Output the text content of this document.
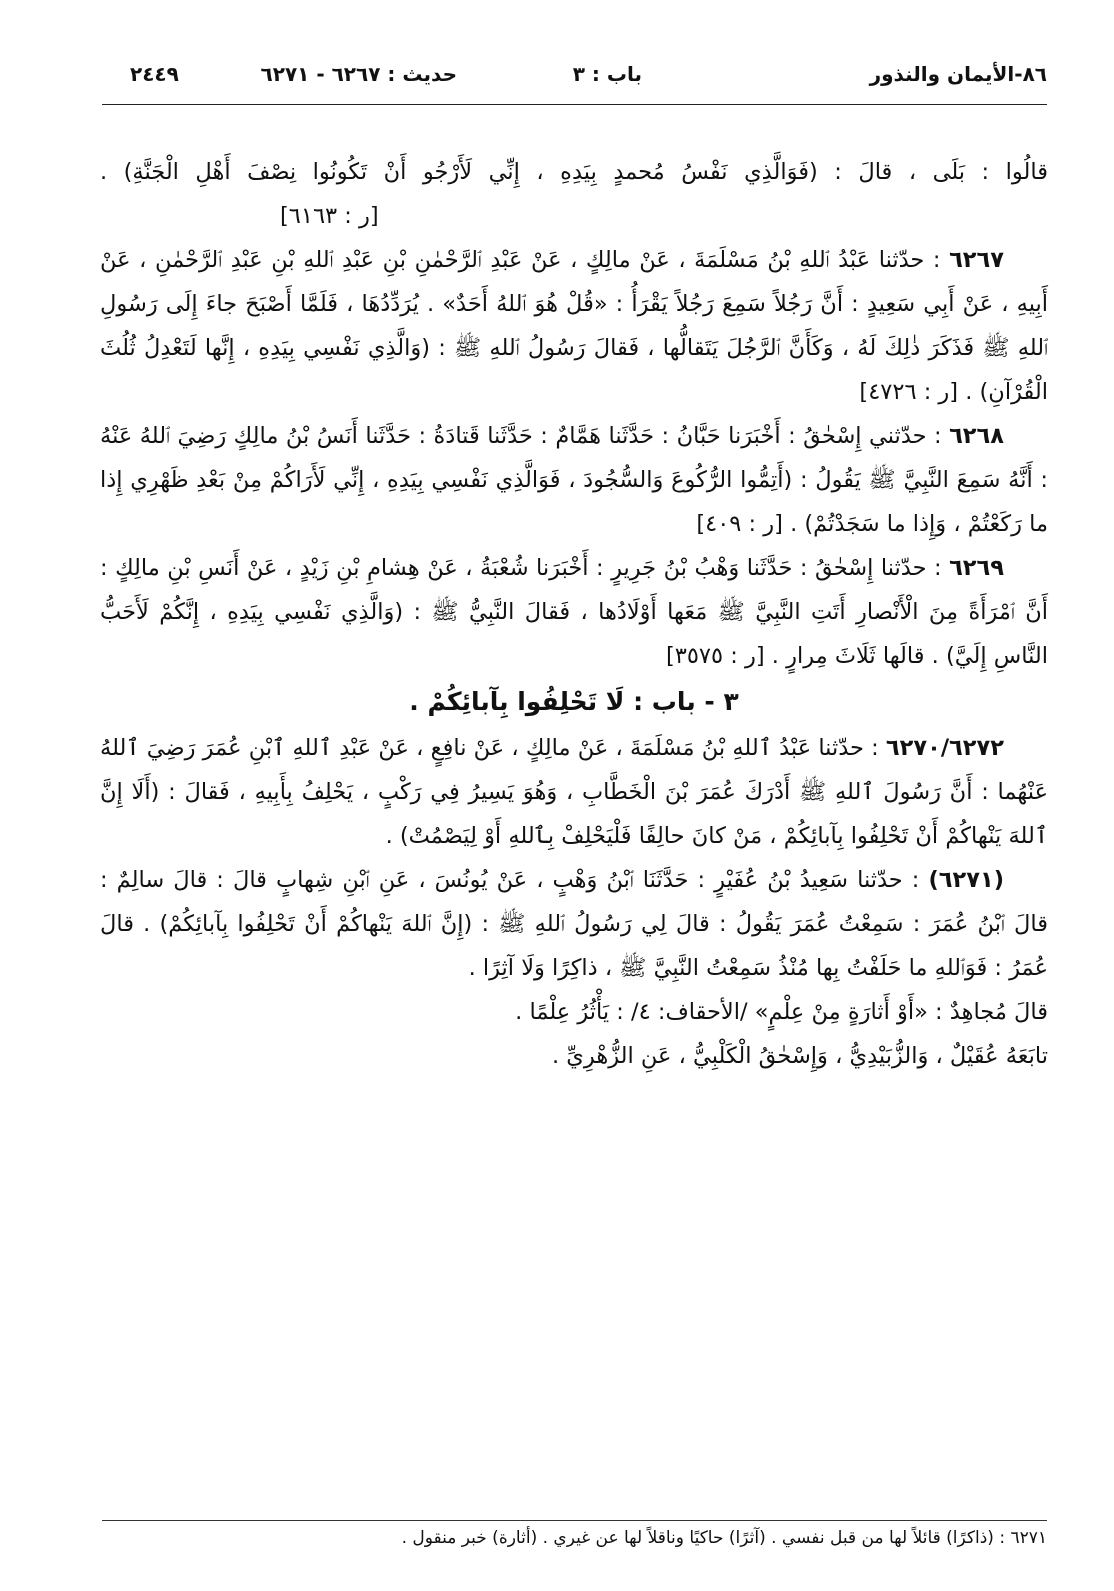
٨٦-الأيمان والنذور
باب : ٣
حديث : ٦٢٦٧ - ٦٢٧١
٢٤٤٩

قالُوا : بَلَى ، قالَ : (فَوَالَّذِي نَفْسُ مُحمدٍ بِيَدِهِ ، إِنِّي لَأَرْجُو أَنْ تَكُونُوا نِصْفَ أَهْلِ الْجَنَّةِ) .

[ر : ٦١٦٣]

٦٢٦٧ : حدّثنا عَبْدُ ٱللهِ بْنُ مَسْلَمَةَ ، عَنْ مالِكٍ ، عَنْ عَبْدِ ٱلرَّحْمٰنِ بْنِ عَبْدِ ٱللهِ بْنِ عَبْدِ ٱلرَّحْمٰنِ ، عَنْ أَبِيهِ ، عَنْ أَبِي سَعِيدٍ : أَنَّ رَجُلاً سَمِعَ رَجُلاً يَقْرَأُ : «قُلْ هُوَ ٱللهُ أَحَدٌ» . يُرَدِّدُهَا ، فَلَمَّا أَصْبَحَ جاءَ إِلَى رَسُولِ ٱللهِ ﷺ فَذَكَرَ ذٰلِكَ لَهُ ، وَكَأَنَّ ٱلرَّجُلَ يَتَقالُّها ، فَقالَ رَسُولُ ٱللهِ ﷺ : (وَالَّذِي نَفْسِي بِيَدِهِ ، إِنَّها لَتَعْدِلُ ثُلُثَ الْقُرْآنِ) . [ر : ٤٧٢٦]

٦٢٦٨ : حدّثني إِسْحٰقُ : أَخْبَرَنا حَبَّانُ : حَدَّثَنا هَمَّامٌ : حَدَّثَنا قَتادَةُ : حَدَّثَنا أَنَسُ بْنُ مالِكٍ رَضِيَ ٱللهُ عَنْهُ : أَنَّهُ سَمِعَ النَّبِيَّ ﷺ يَقُولُ : (أَتِمُّوا الرُّكُوعَ وَالسُّجُودَ ، فَوَالَّذِي نَفْسِي بِيَدِهِ ، إِنِّي لَأَرَاكُمْ مِنْ بَعْدِ ظَهْرِي إِذا ما رَكَعْتُمْ ، وَإِذا ما سَجَدْتُمْ) . [ر : ٤٠٩]

٦٢٦٩ : حدّثنا إِسْحٰقُ : حَدَّثَنا وَهْبُ بْنُ جَرِيرٍ : أَخْبَرَنا شُعْبَةُ ، عَنْ هِشامِ بْنِ زَيْدٍ ، عَنْ أَنَسِ بْنِ مالِكٍ : أَنَّ ٱمْرَأَةً مِنَ الْأَنْصارِ أَتَتِ النَّبِيَّ ﷺ مَعَها أَوْلَادُها ، فَقالَ النَّبِيُّ ﷺ : (وَالَّذِي نَفْسِي بِيَدِهِ ، إِنَّكُمْ لَأَحَبُّ النَّاسِ إِلَيَّ) . قالَها ثَلَاثَ مِرارٍ . [ر : ٣٥٧٥]

٣ - باب : لَا تَحْلِفُوا بِآبائِكُمْ .

٦٢٧٠/٦٢٧٢ : حدّثنا عَبْدُ ٱللهِ بْنُ مَسْلَمَةَ ، عَنْ مالِكٍ ، عَنْ نافِعٍ ، عَنْ عَبْدِ ٱللهِ ٱبْنِ عُمَرَ رَضِيَ ٱللهُ عَنْهُما : أَنَّ رَسُولَ ٱللهِ ﷺ أَدْرَكَ عُمَرَ بْنَ الْخَطَّابِ ، وَهُوَ يَسِيرُ فِي رَكْبٍ ، يَحْلِفُ بِأَبِيهِ ، فَقالَ : (أَلَا إِنَّ ٱللهَ يَنْهاكُمْ أَنْ تَحْلِفُوا بِآبائِكُمْ ، مَنْ كانَ حالِفًا فَلْيَحْلِفْ بِٱللهِ أَوْ لِيَصْمُتْ) .

(٦٢٧١) : حدّثنا سَعِيدُ بْنُ عُفَيْرٍ : حَدَّثَنَا ٱبْنُ وَهْبٍ ، عَنْ يُونُسَ ، عَنِ ٱبْنِ شِهابٍ قالَ : قالَ سالِمٌ : قالَ ٱبْنُ عُمَرَ : سَمِعْتُ عُمَرَ يَقُولُ : قالَ لِي رَسُولُ ٱللهِ ﷺ : (إِنَّ ٱللهَ يَنْهاكُمْ أَنْ تَحْلِفُوا بِآبائِكُمْ) . قالَ عُمَرُ : فَوَٱللهِ ما حَلَفْتُ بِها مُنْذُ سَمِعْتُ النَّبِيَّ ﷺ ، ذاكِرًا وَلَا آثِرًا .

قالَ مُجاهِدٌ : «أَوْ أَثارَةٍ مِنْ عِلْمٍ» /الأحقاف: ٤/ : يَأْثُرُ عِلْمًا .

تابَعَهُ عُقَيْلٌ ، وَالزُّبَيْدِيُّ ، وَإِسْحٰقُ الْكَلْبِيُّ ، عَنِ الزُّهْرِيِّ .

٦٢٧١ : (ذاكرًا) قائلاً لها من قبل نفسي . (آثرًا) حاكيًا وناقلاً لها عن غيري . (أثارة) خبر منقول .
